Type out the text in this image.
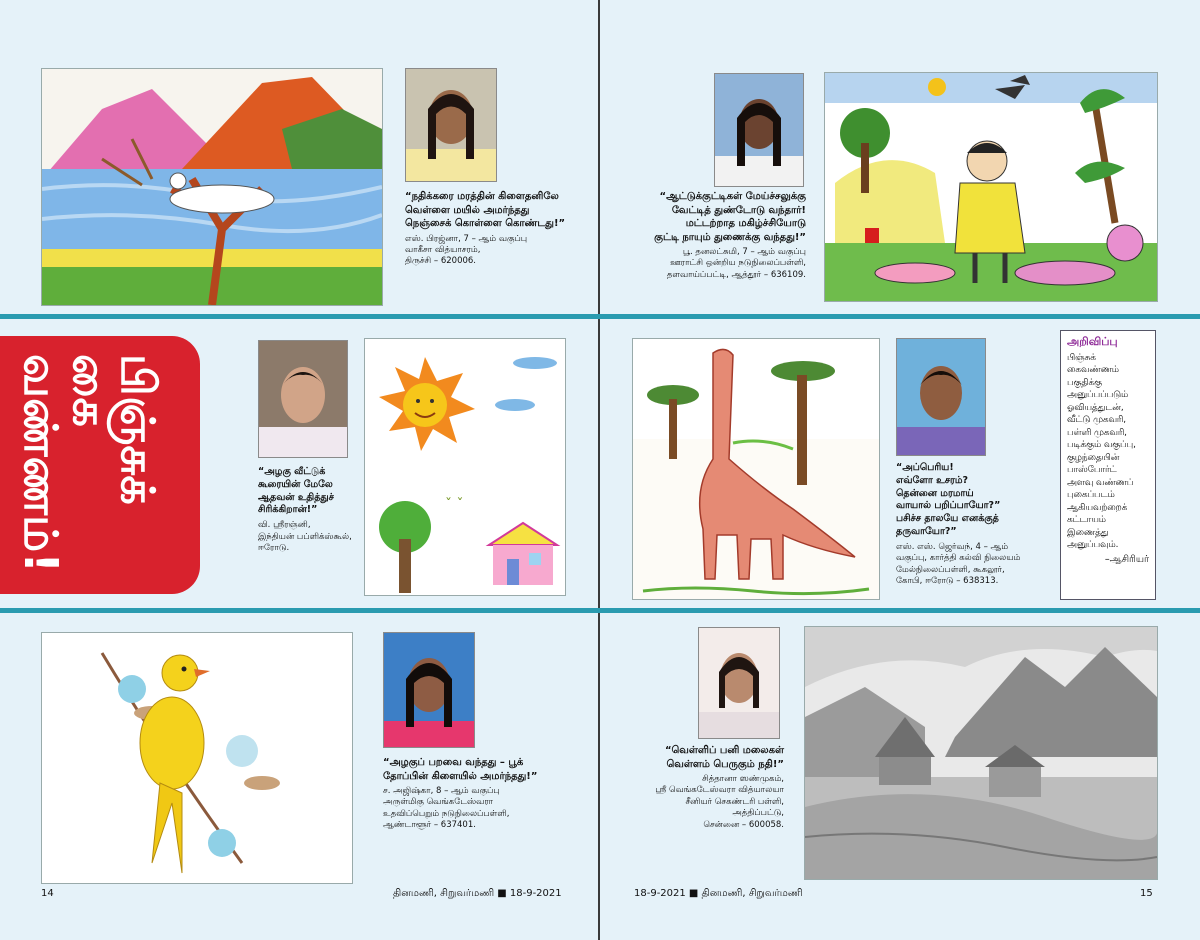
“நதிக்கரை மரத்தின் கிளைதனிலே
வெள்ளை மயில் அமர்ந்தது
நெஞ்சைக் கொள்ளை கொண்டது!”
எஸ். பிரஜ்னா, 7 – ஆம் வகுப்பு
வாகீசா வித்யாசரம்,
திருச்சி – 620006.
“ஆட்டுக்குட்டிகள் மேய்ச்சலுக்கு
வேட்டித் துண்டோடு வந்தார்!
மட்டற்றாத மகிழ்ச்சியோடு
குட்டி நாயும் துணைக்கு வந்தது!”
பூ. தனலட்சுமி, 7 – ஆம் வகுப்பு
ஊராட்சி ஒன்றிய நடுநிலைப்பள்ளி,
தளவாய்ப்பட்டி, ஆத்தூர் – 636109.
பிஞ்சுக்
கை
வண்ணம்!	“அழகு வீட்டுக் கூரையின் மேலே
ஆதவன் உதித்துச் சிரிக்கிறான்!”
வி. ஸ்ரீரஞ்னி,
இந்தியன் பப்ளிக்ஸ்கூல்,
ஈரோடு.
ˇ ˇ
“அப்பெரிய!
எவ்ளோ உசரம்?
தென்னை மரமாய்
வாயால் பறிப்பாயோ?”
பசிச்ச தாலயே எனக்குத் தருவாயோ?”
எஸ். எஸ். ஜெர்வந், 4 – ஆம்
வகுப்பு, கார்த்தி கல்வி நிலையம்
மேல்நிலைப்பள்ளி, கூகலூர்,
கோபி, ஈரோடு – 638313.
அறிவிப்பு
பிஞ்சுக்
கைவண்ணம்
பகுதிக்கு
அனுப்பப்படும்
ஓவியத்துடன்,
வீட்டு முகவரி,
பள்ளி முகவரி,
படிக்கும் வகுப்பு,
குழந்தையின்
பாஸ்போர்ட்
அளவு வண்ணப்
புகைப்படம்
ஆகியவற்றைக்
கட்டாயம்
இணைத்து
அனுப்பவும்.
–ஆசிரியர்
“அழகுப் பறவை வந்தது – பூக்
தோப்பின் கிளையில் அமர்ந்தது!”
ச. அஜிஷ்கா, 8 – ஆம் வகுப்பு
அருள்மிகு வெங்கடேஸ்வரா
உதவிப்பெறும் நடுநிலைப்பள்ளி,
ஆண்டாளூர் – 637401.
“வெள்ளிப் பனி மலைகள்
வெள்ளம் பெருகும் நதி!”
சித்தானா ஸண்முகம்,
ஸ்ரீ வெங்கடேஸ்வரா வித்யாலயா
சீனியர் செகண்டரி பள்ளி,
அத்திப்பட்டு,
சென்னை – 600058.
14	தினமணி, சிறுவர்மணி ■ 18-9-2021	18-9-2021 ■ தினமணி, சிறுவர்மணி	15
